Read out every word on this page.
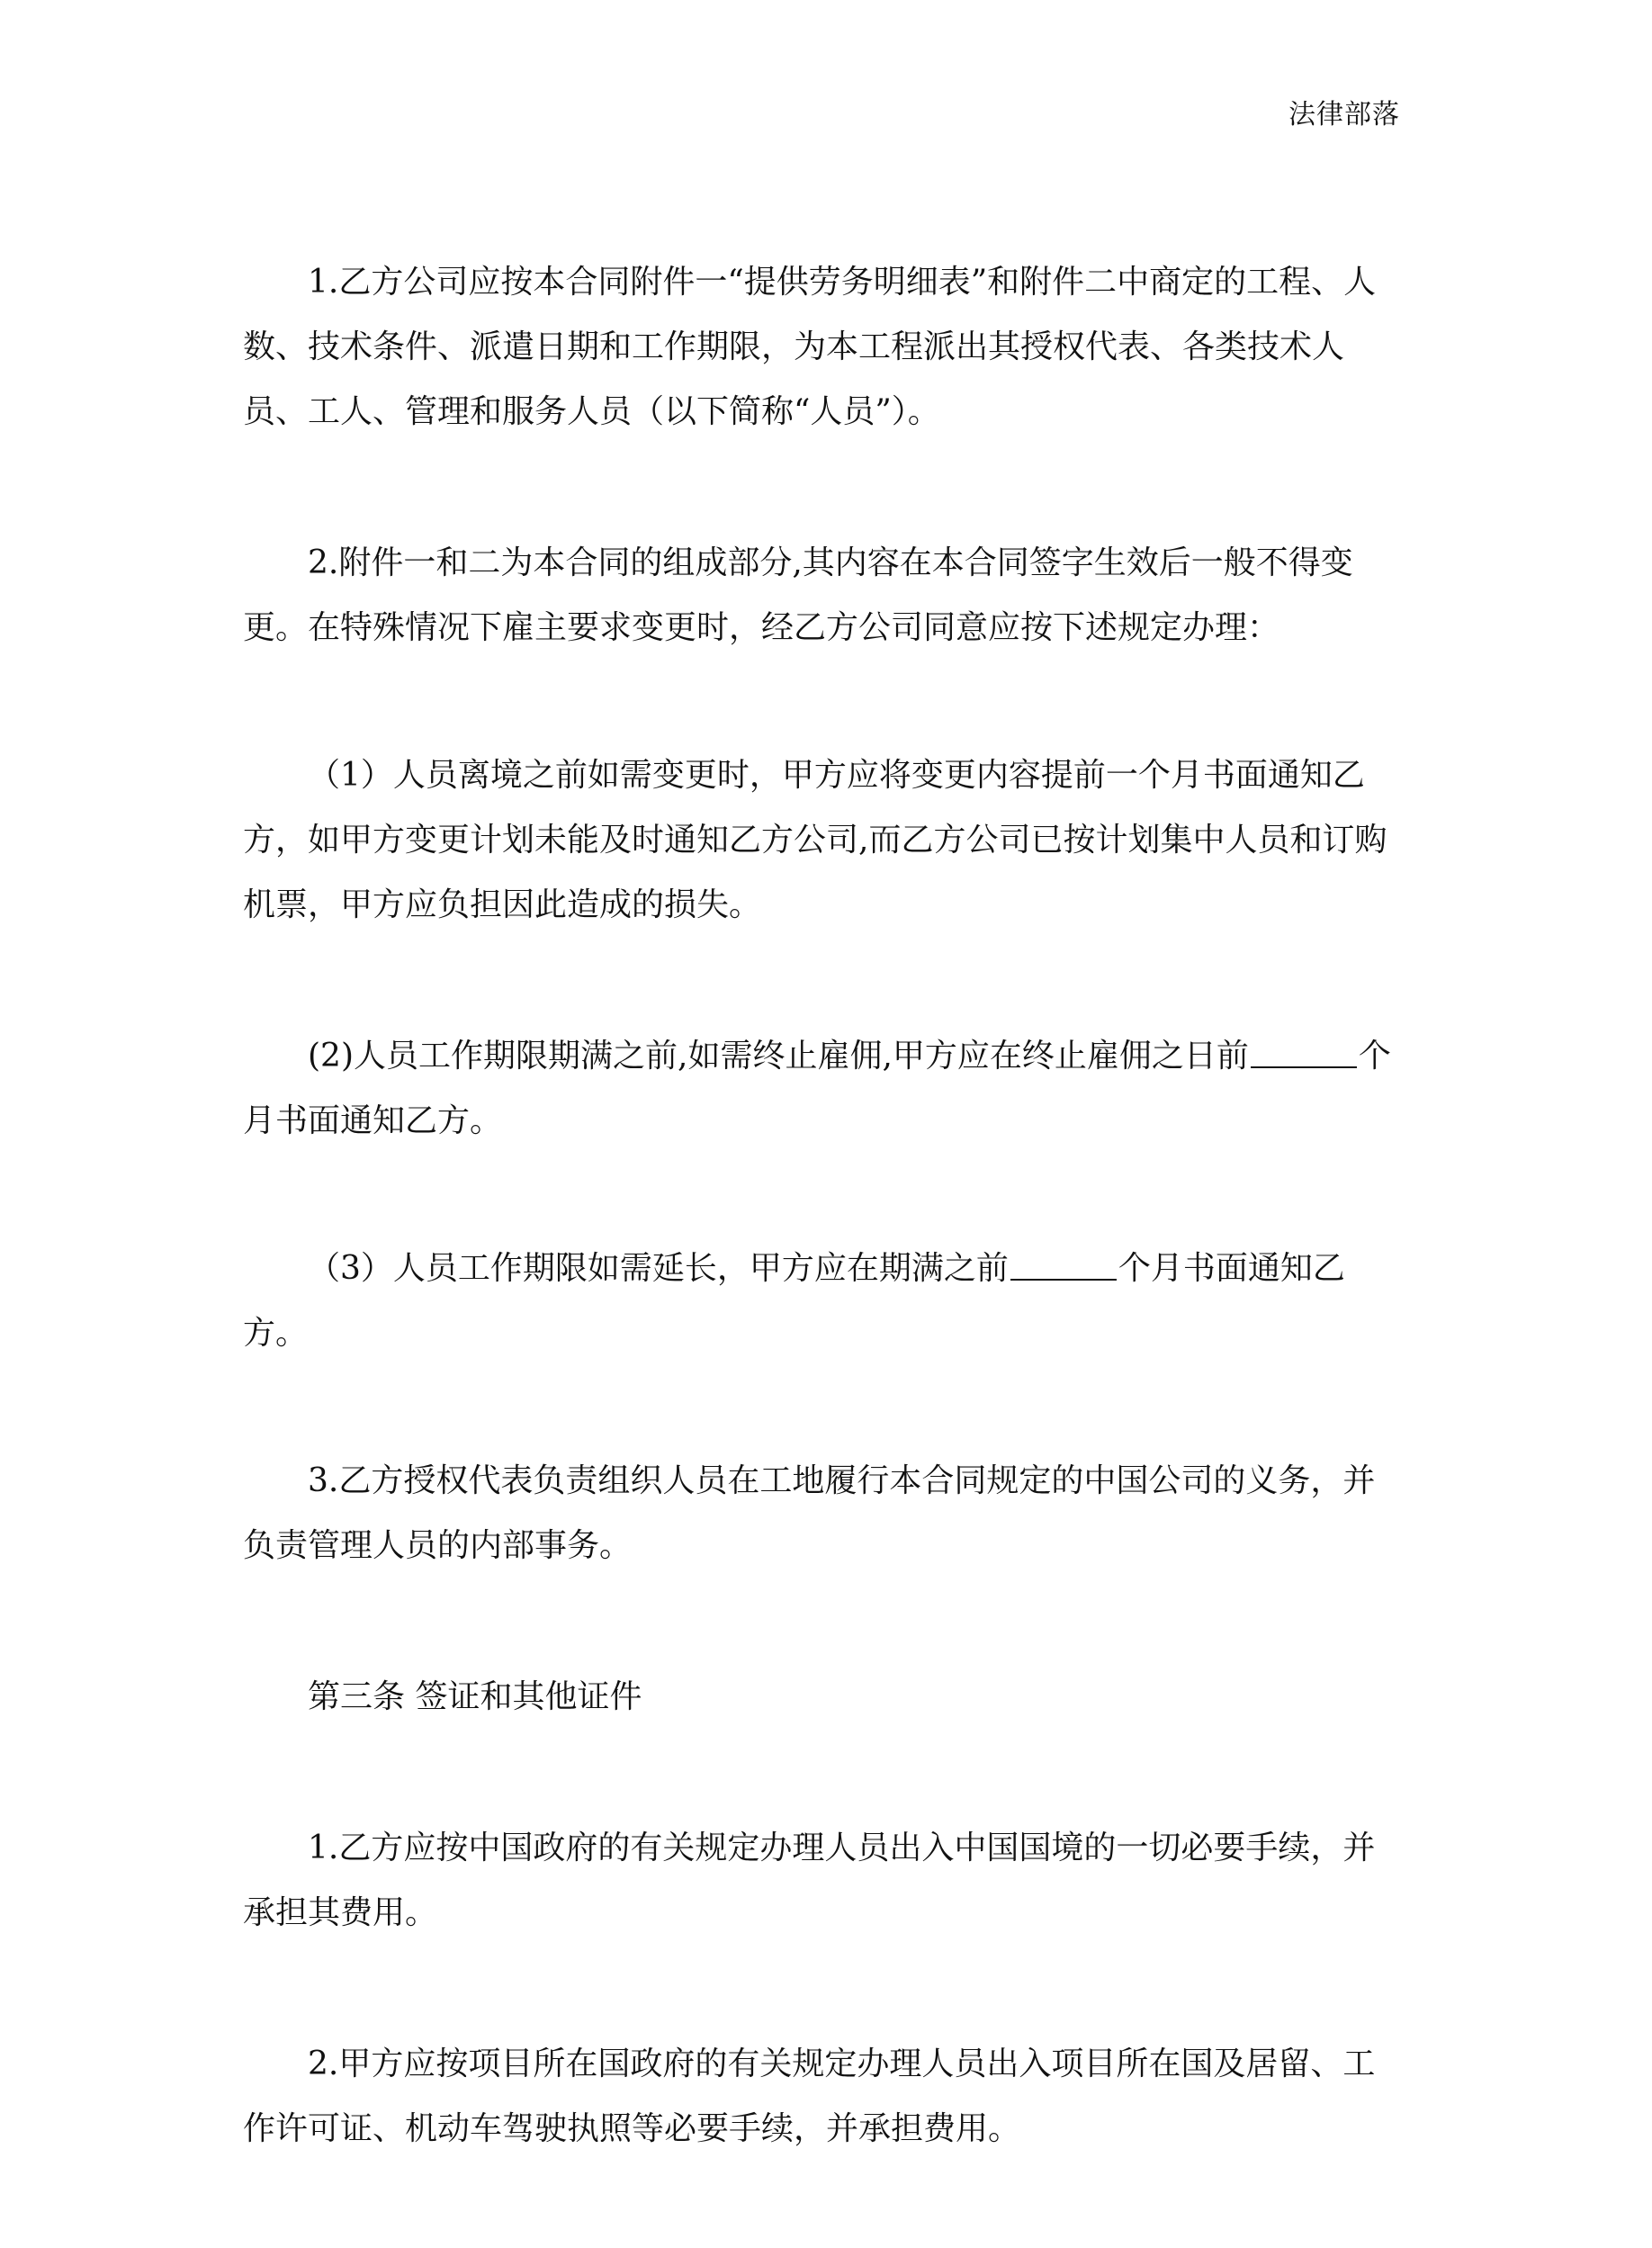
法律部落

1.乙方公司应按本合同附件一“提供劳务明细表”和附件二中商定的工程、人数、技术条件、派遣日期和工作期限，为本工程派出其授权代表、各类技术人员、工人、管理和服务人员（以下简称“人员”）。

2.附件一和二为本合同的组成部分,其内容在本合同签字生效后一般不得变更。在特殊情况下雇主要求变更时，经乙方公司同意应按下述规定办理：

（1）人员离境之前如需变更时，甲方应将变更内容提前一个月书面通知乙方，如甲方变更计划未能及时通知乙方公司,而乙方公司已按计划集中人员和订购机票，甲方应负担因此造成的损失。

(2)人员工作期限期满之前,如需终止雇佣,甲方应在终止雇佣之日前	个月书面通知乙方。

（3）人员工作期限如需延长，甲方应在期满之前	个月书面通知乙方。

3.乙方授权代表负责组织人员在工地履行本合同规定的中国公司的义务，并负责管理人员的内部事务。

第三条 签证和其他证件

1.乙方应按中国政府的有关规定办理人员出入中国国境的一切必要手续，并承担其费用。

2.甲方应按项目所在国政府的有关规定办理人员出入项目所在国及居留、工作许可证、机动车驾驶执照等必要手续，并承担费用。
